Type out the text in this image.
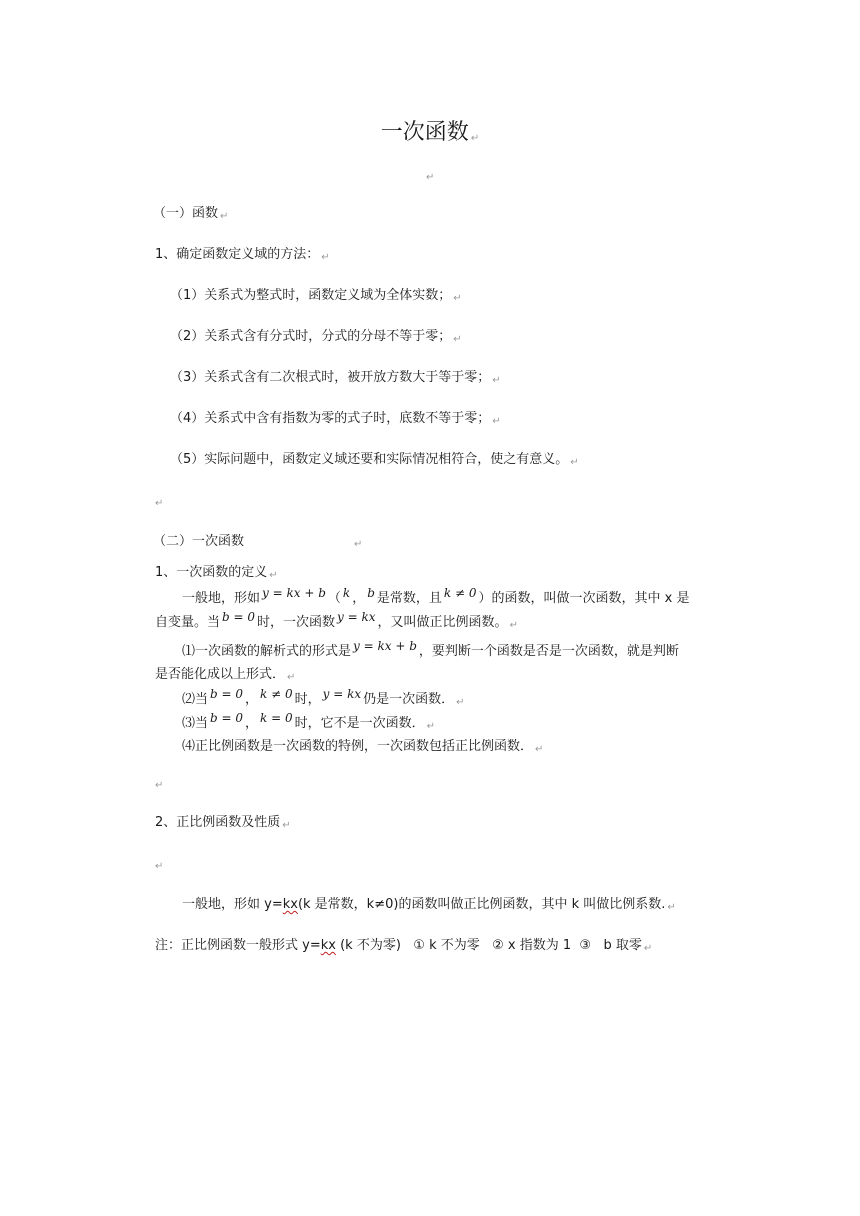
一次函数 ↵
↵
（一）函数 ↵
1、确定函数定义域的方法： ↵
（1）关系式为整式时，函数定义域为全体实数； ↵
（2）关系式含有分式时，分式的分母不等于零； ↵
（3）关系式含有二次根式时，被开放方数大于等于零； ↵
（4）关系式中含有指数为零的式子时，底数不等于零； ↵
（5）实际问题中，函数定义域还要和实际情况相符合，使之有意义。 ↵
↵
（二）一次函数	↵
1、一次函数的定义 ↵
一般地，形如 y = kx + b （ k ， b 是常数，且 k ≠ 0 ）的函数，叫做一次函数，其中 x 是
自变量。当 b = 0 时，一次函数 y = kx ，又叫做正比例函数。 ↵
⑴一次函数的解析式的形式是 y = kx + b ，要判断一个函数是否是一次函数，就是判断
是否能化成以上形式． ↵
⑵当 b = 0 ， k ≠ 0 时， y = kx 仍是一次函数． ↵
⑶当 b = 0 ， k = 0 时，它不是一次函数． ↵
⑷正比例函数是一次函数的特例，一次函数包括正比例函数． ↵
↵
2、正比例函数及性质 ↵
↵
一般地，形如 y=kx(k 是常数，k≠0)的函数叫做正比例函数，其中 k 叫做比例系数. ↵
注：正比例函数一般形式 y=kx (k 不为零)   ① k 不为零   ② x 指数为 1  ③   b 取零 ↵
